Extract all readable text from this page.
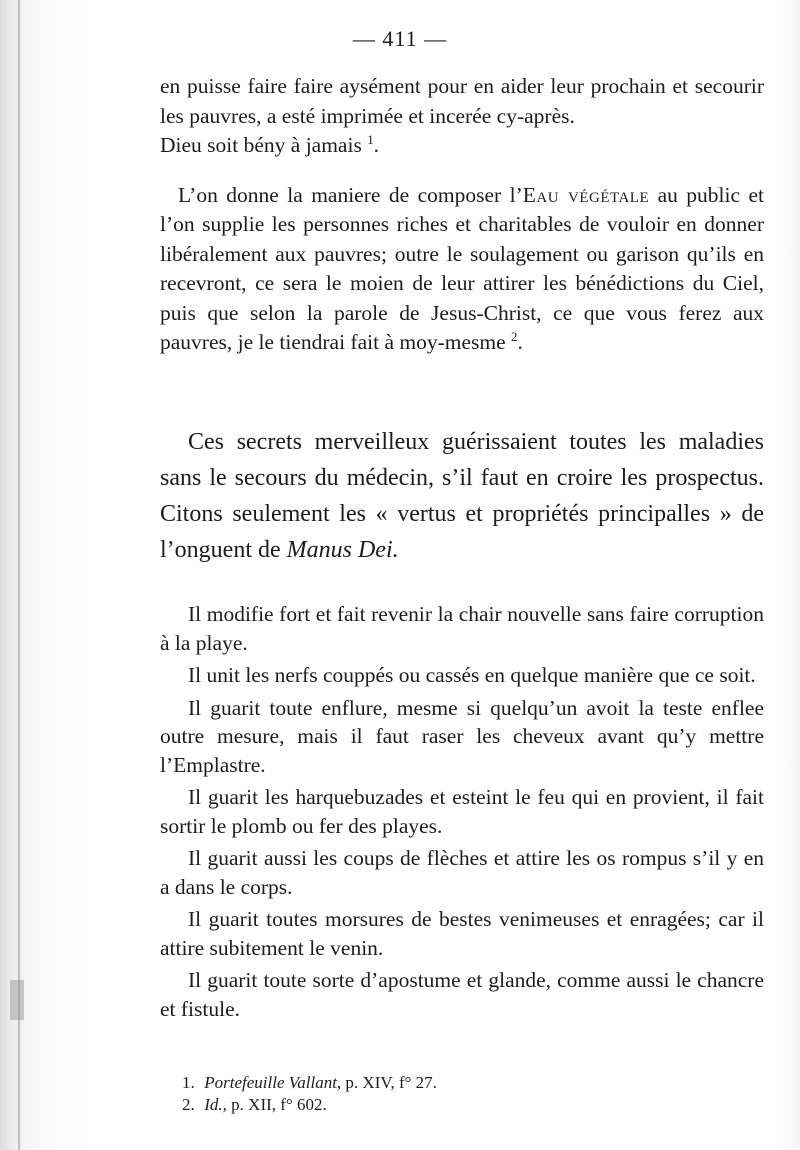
— 411 —

en puisse faire faire aysément pour en aider leur prochain et secourir les pauvres, a esté imprimée et incerée cy-après.

Dieu soit bény à jamais $^1$.

L’on donne la maniere de composer l’Eau végétale au public et l’on supplie les personnes riches et charitables de vouloir en donner libéralement aux pauvres; outre le soulagement ou garison qu’ils en recevront, ce sera le moien de leur attirer les bénédictions du Ciel, puis que selon la parole de Jesus-Christ, ce que vous ferez aux pauvres, je le tiendrai fait à moy-mesme $^2$.

Ces secrets merveilleux guérissaient toutes les maladies sans le secours du médecin, s’il faut en croire les prospectus. Citons seulement les « vertus et propriétés principalles » de l’onguent de Manus Dei.

Il modifie fort et fait revenir la chair nouvelle sans faire corruption à la playe.

Il unit les nerfs couppés ou cassés en quelque manière que ce soit.

Il guarit toute enflure, mesme si quelqu’un avoit la teste enflee outre mesure, mais il faut raser les cheveux avant qu’y mettre l’Emplastre.

Il guarit les harquebuzades et esteint le feu qui en provient, il fait sortir le plomb ou fer des playes.

Il guarit aussi les coups de flèches et attire les os rompus s’il y en a dans le corps.

Il guarit toutes morsures de bestes venimeuses et enragées; car il attire subitement le venin.

Il guarit toute sorte d’apostume et glande, comme aussi le chancre et fistule.

1. Portefeuille Vallant, p. XIV, f° 27.

2. Id., p. XII, f° 602.
